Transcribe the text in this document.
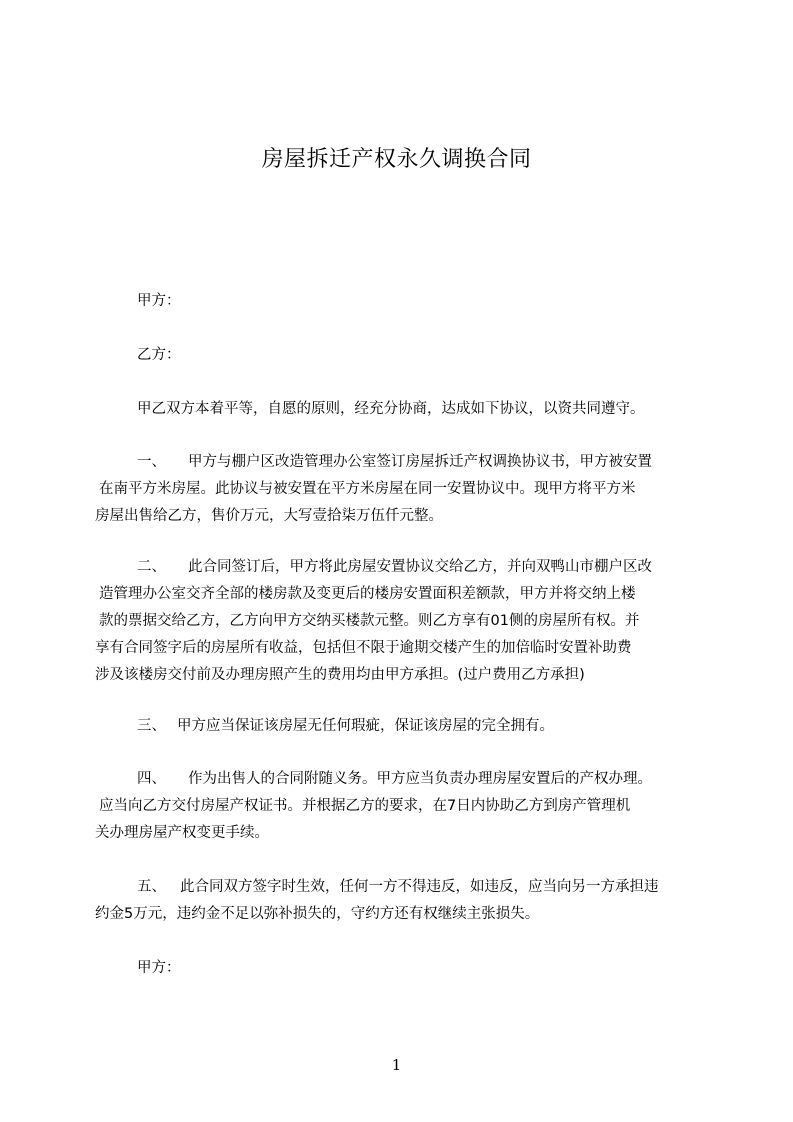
房屋拆迁产权永久调换合同
甲方：
乙方：
甲乙双方本着平等，自愿的原则，经充分协商，达成如下协议，以资共同遵守。
一、 甲方与棚户区改造管理办公室签订房屋拆迁产权调换协议书，甲方被安置
在南平方米房屋。此协议与被安置在平方米房屋在同一安置协议中。现甲方将平方米
房屋出售给乙方，售价万元，大写壹拾柒万伍仟元整。
二、 此合同签订后，甲方将此房屋安置协议交给乙方，并向双鸭山市棚户区改
造管理办公室交齐全部的楼房款及变更后的楼房安置面积差额款，甲方并将交纳上楼
款的票据交给乙方，乙方向甲方交纳买楼款元整。则乙方享有01侧的房屋所有权。并
享有合同签字后的房屋所有收益，包括但不限于逾期交楼产生的加倍临时安置补助费
涉及该楼房交付前及办理房照产生的费用均由甲方承担。(过户费用乙方承担)
三、 甲方应当保证该房屋无任何瑕疵，保证该房屋的完全拥有。
四、 作为出售人的合同附随义务。甲方应当负责办理房屋安置后的产权办理。
应当向乙方交付房屋产权证书。并根据乙方的要求，在7日内协助乙方到房产管理机
关办理房屋产权变更手续。
五、 此合同双方签字时生效，任何一方不得违反，如违反，应当向另一方承担违
约金5万元，违约金不足以弥补损失的，守约方还有权继续主张损失。
甲方：
1
